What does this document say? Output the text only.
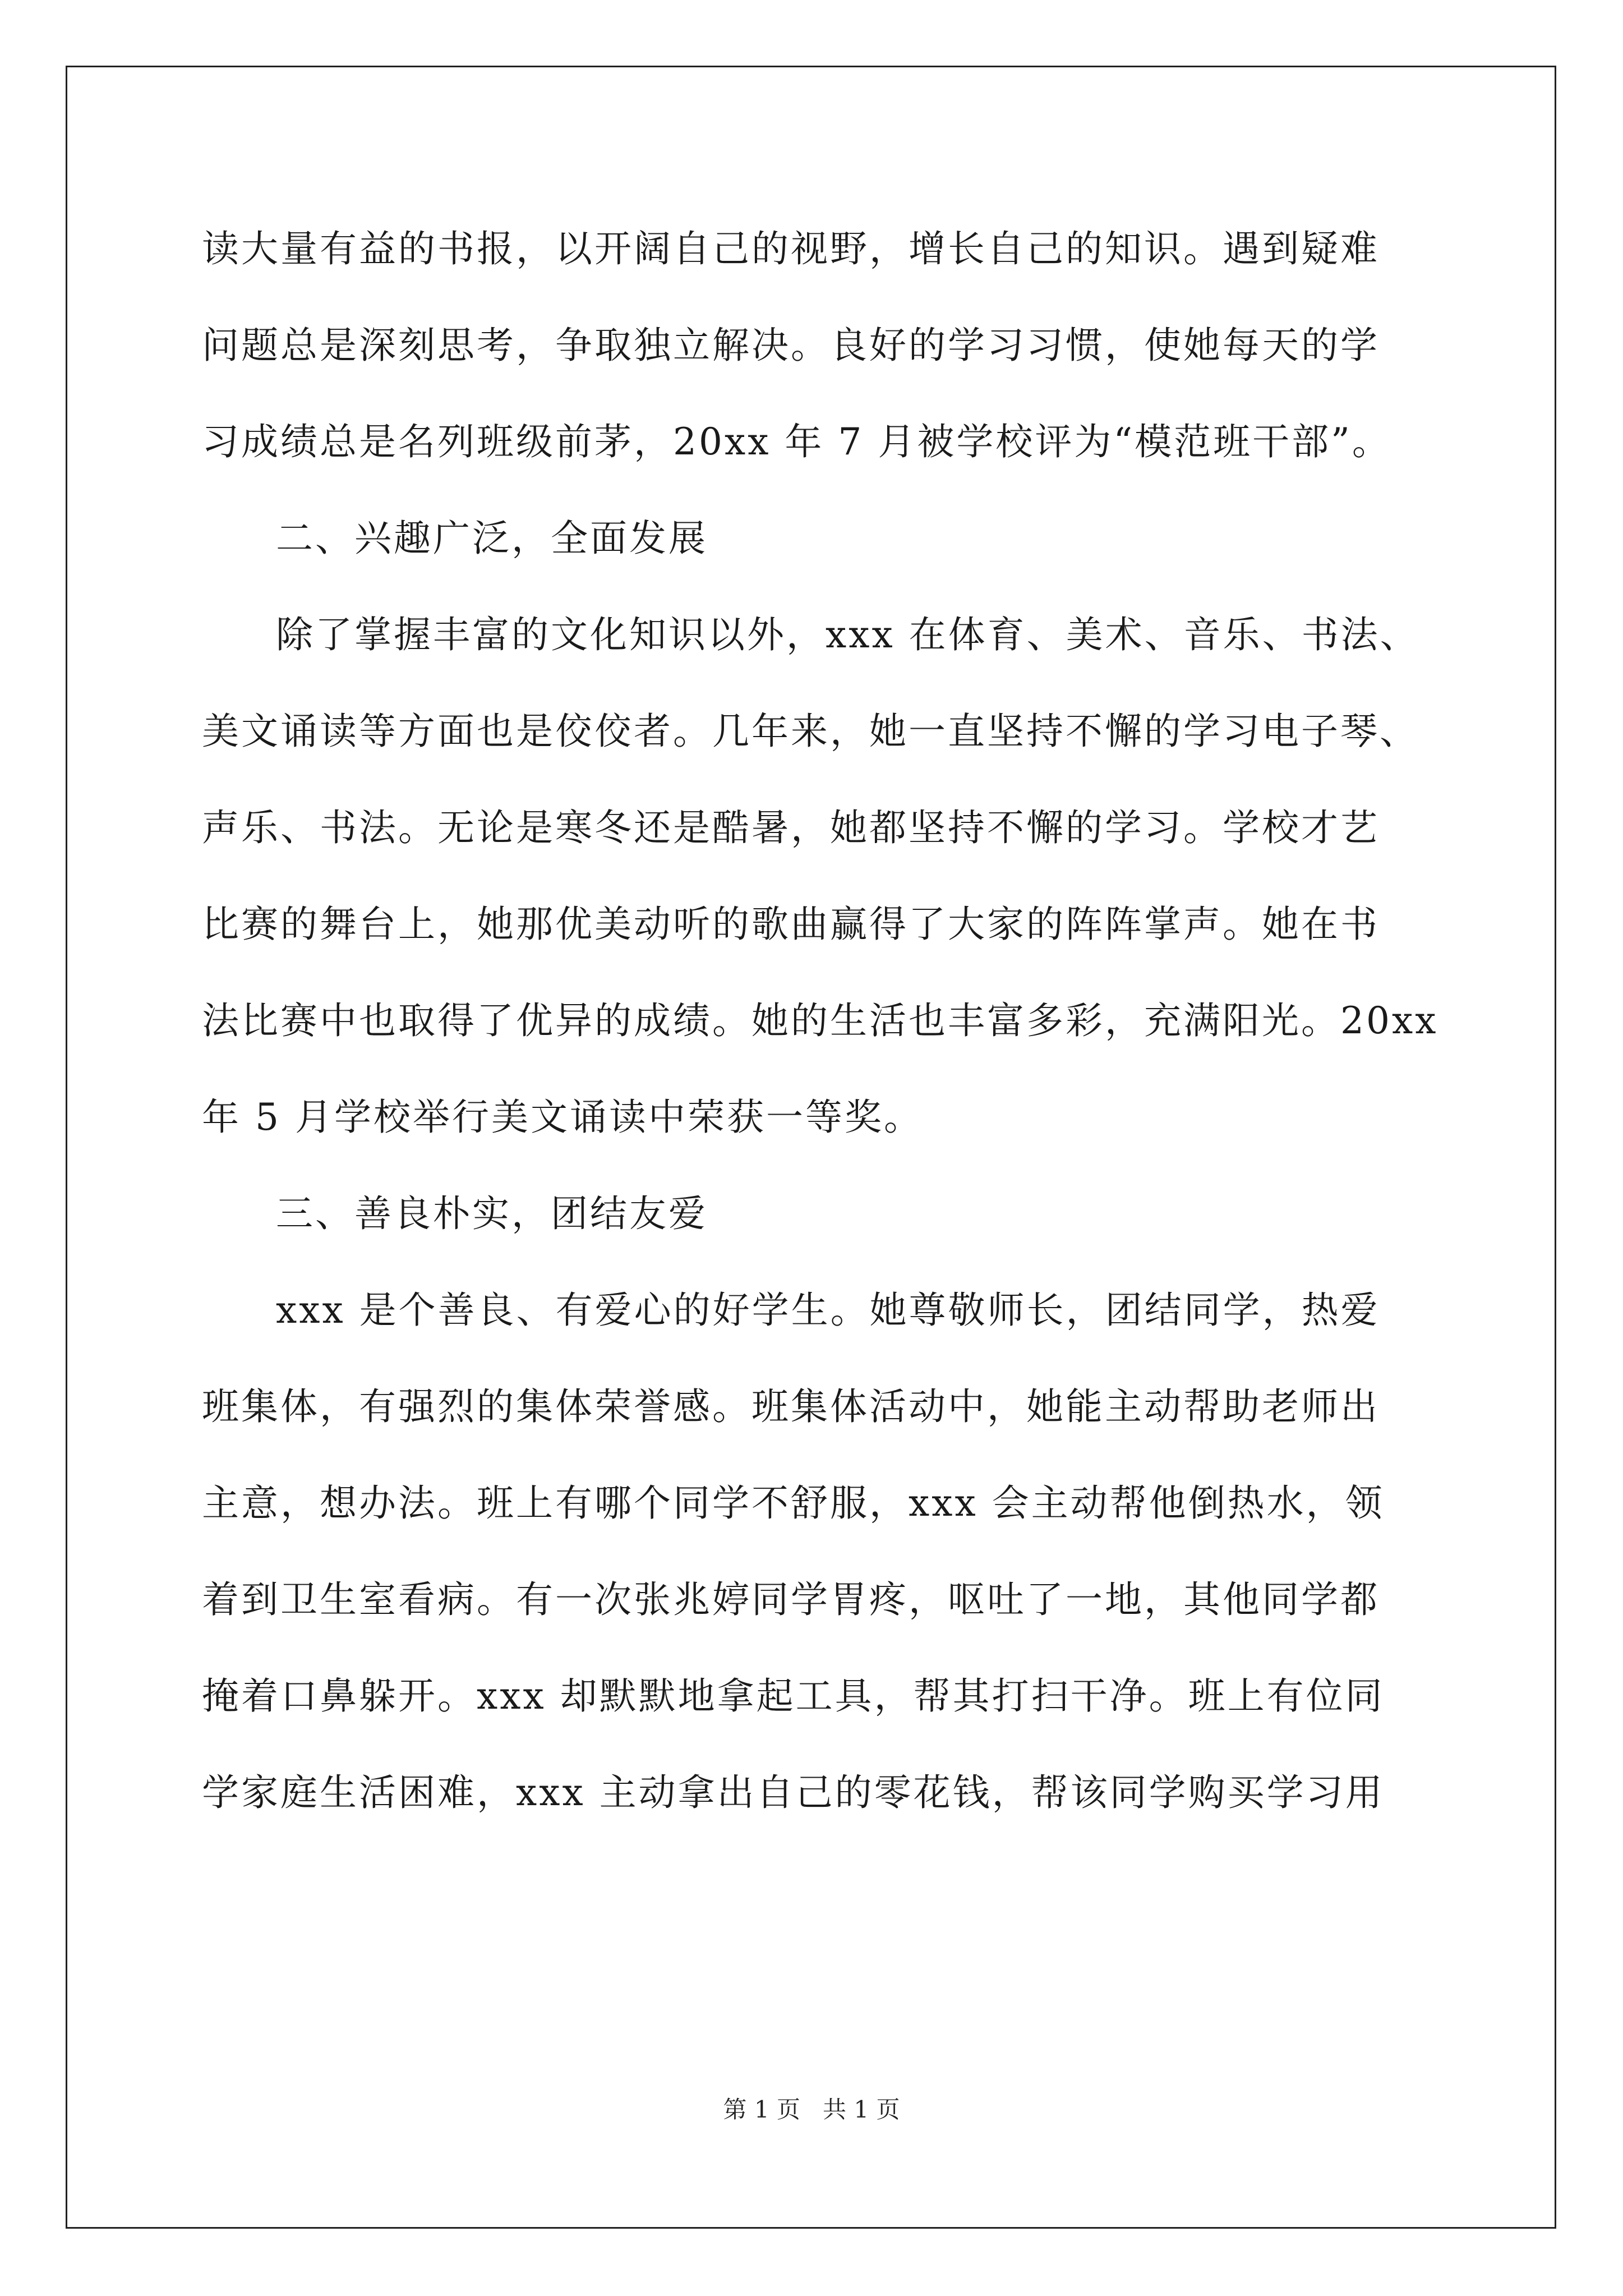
读大量有益的书报，以开阔自己的视野，增长自己的知识。遇到疑难
问题总是深刻思考，争取独立解决。良好的学习习惯，使她每天的学
习成绩总是名列班级前茅，20xx 年 7 月被学校评为“模范班干部”。
二、兴趣广泛，全面发展
除了掌握丰富的文化知识以外，xxx 在体育、美术、音乐、书法、
美文诵读等方面也是佼佼者。几年来，她一直坚持不懈的学习电子琴、
声乐、书法。无论是寒冬还是酷暑，她都坚持不懈的学习。学校才艺
比赛的舞台上，她那优美动听的歌曲赢得了大家的阵阵掌声。她在书
法比赛中也取得了优异的成绩。她的生活也丰富多彩，充满阳光。20xx
年 5 月学校举行美文诵读中荣获一等奖。
三、善良朴实，团结友爱
xxx 是个善良、有爱心的好学生。她尊敬师长，团结同学，热爱
班集体，有强烈的集体荣誉感。班集体活动中，她能主动帮助老师出
主意，想办法。班上有哪个同学不舒服，xxx 会主动帮他倒热水，领
着到卫生室看病。有一次张兆婷同学胃疼，呕吐了一地，其他同学都
掩着口鼻躲开。xxx 却默默地拿起工具，帮其打扫干净。班上有位同
学家庭生活困难，xxx 主动拿出自己的零花钱，帮该同学购买学习用
第 1 页   共 1 页
